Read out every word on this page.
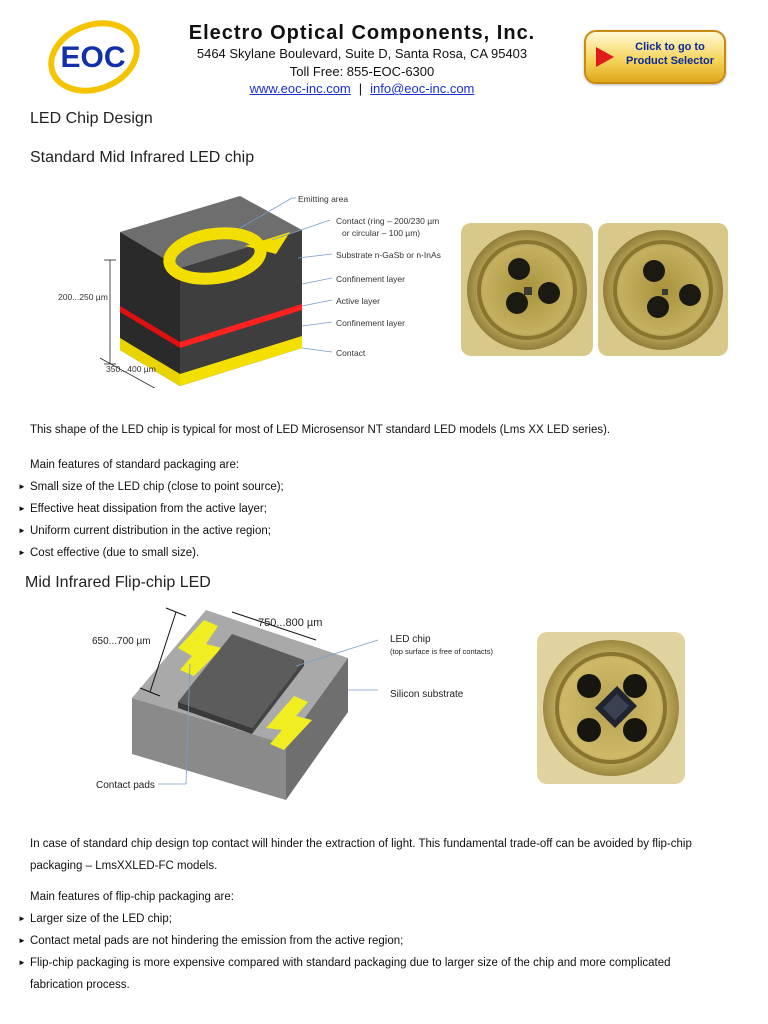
EOC
Electro Optical Components, Inc.
5464 Skylane Boulevard, Suite D, Santa Rosa, CA 95403
Toll Free: 855-EOC-6300
www.eoc-inc.com | info@eoc-inc.com
Click to go to
Product Selector
LED Chip Design
Standard Mid Infrared LED chip
Emitting area
Contact (ring – 200/230 µm
or circular – 100 µm)
Substrate n-GaSb or n-InAs
Confinement layer
Active layer
Confinement layer
Contact
200...250 µm
350...400 µm
This shape of the LED chip is typical for most of LED Microsensor NT standard LED models (Lms XX LED series).
Main features of standard packaging are:
► Small size of the LED chip (close to point source);
► Effective heat dissipation from the active layer;
► Uniform current distribution in the active region;
► Cost effective (due to small size).
Mid Infrared Flip-chip LED
750...800 µm
650...700 µm	LED chip
(top surface is free of contacts)
Silicon substrate
Contact pads
In case of standard chip design top contact will hinder the extraction of light. This fundamental trade-off can be avoided by flip-chip
packaging – LmsXXLED-FC models.
Main features of flip-chip packaging are:
► Larger size of the LED chip;
► Contact metal pads are not hindering the emission from the active region;
► Flip-chip packaging is more expensive compared with standard packaging due to larger size of the chip and more complicated
fabrication process.
